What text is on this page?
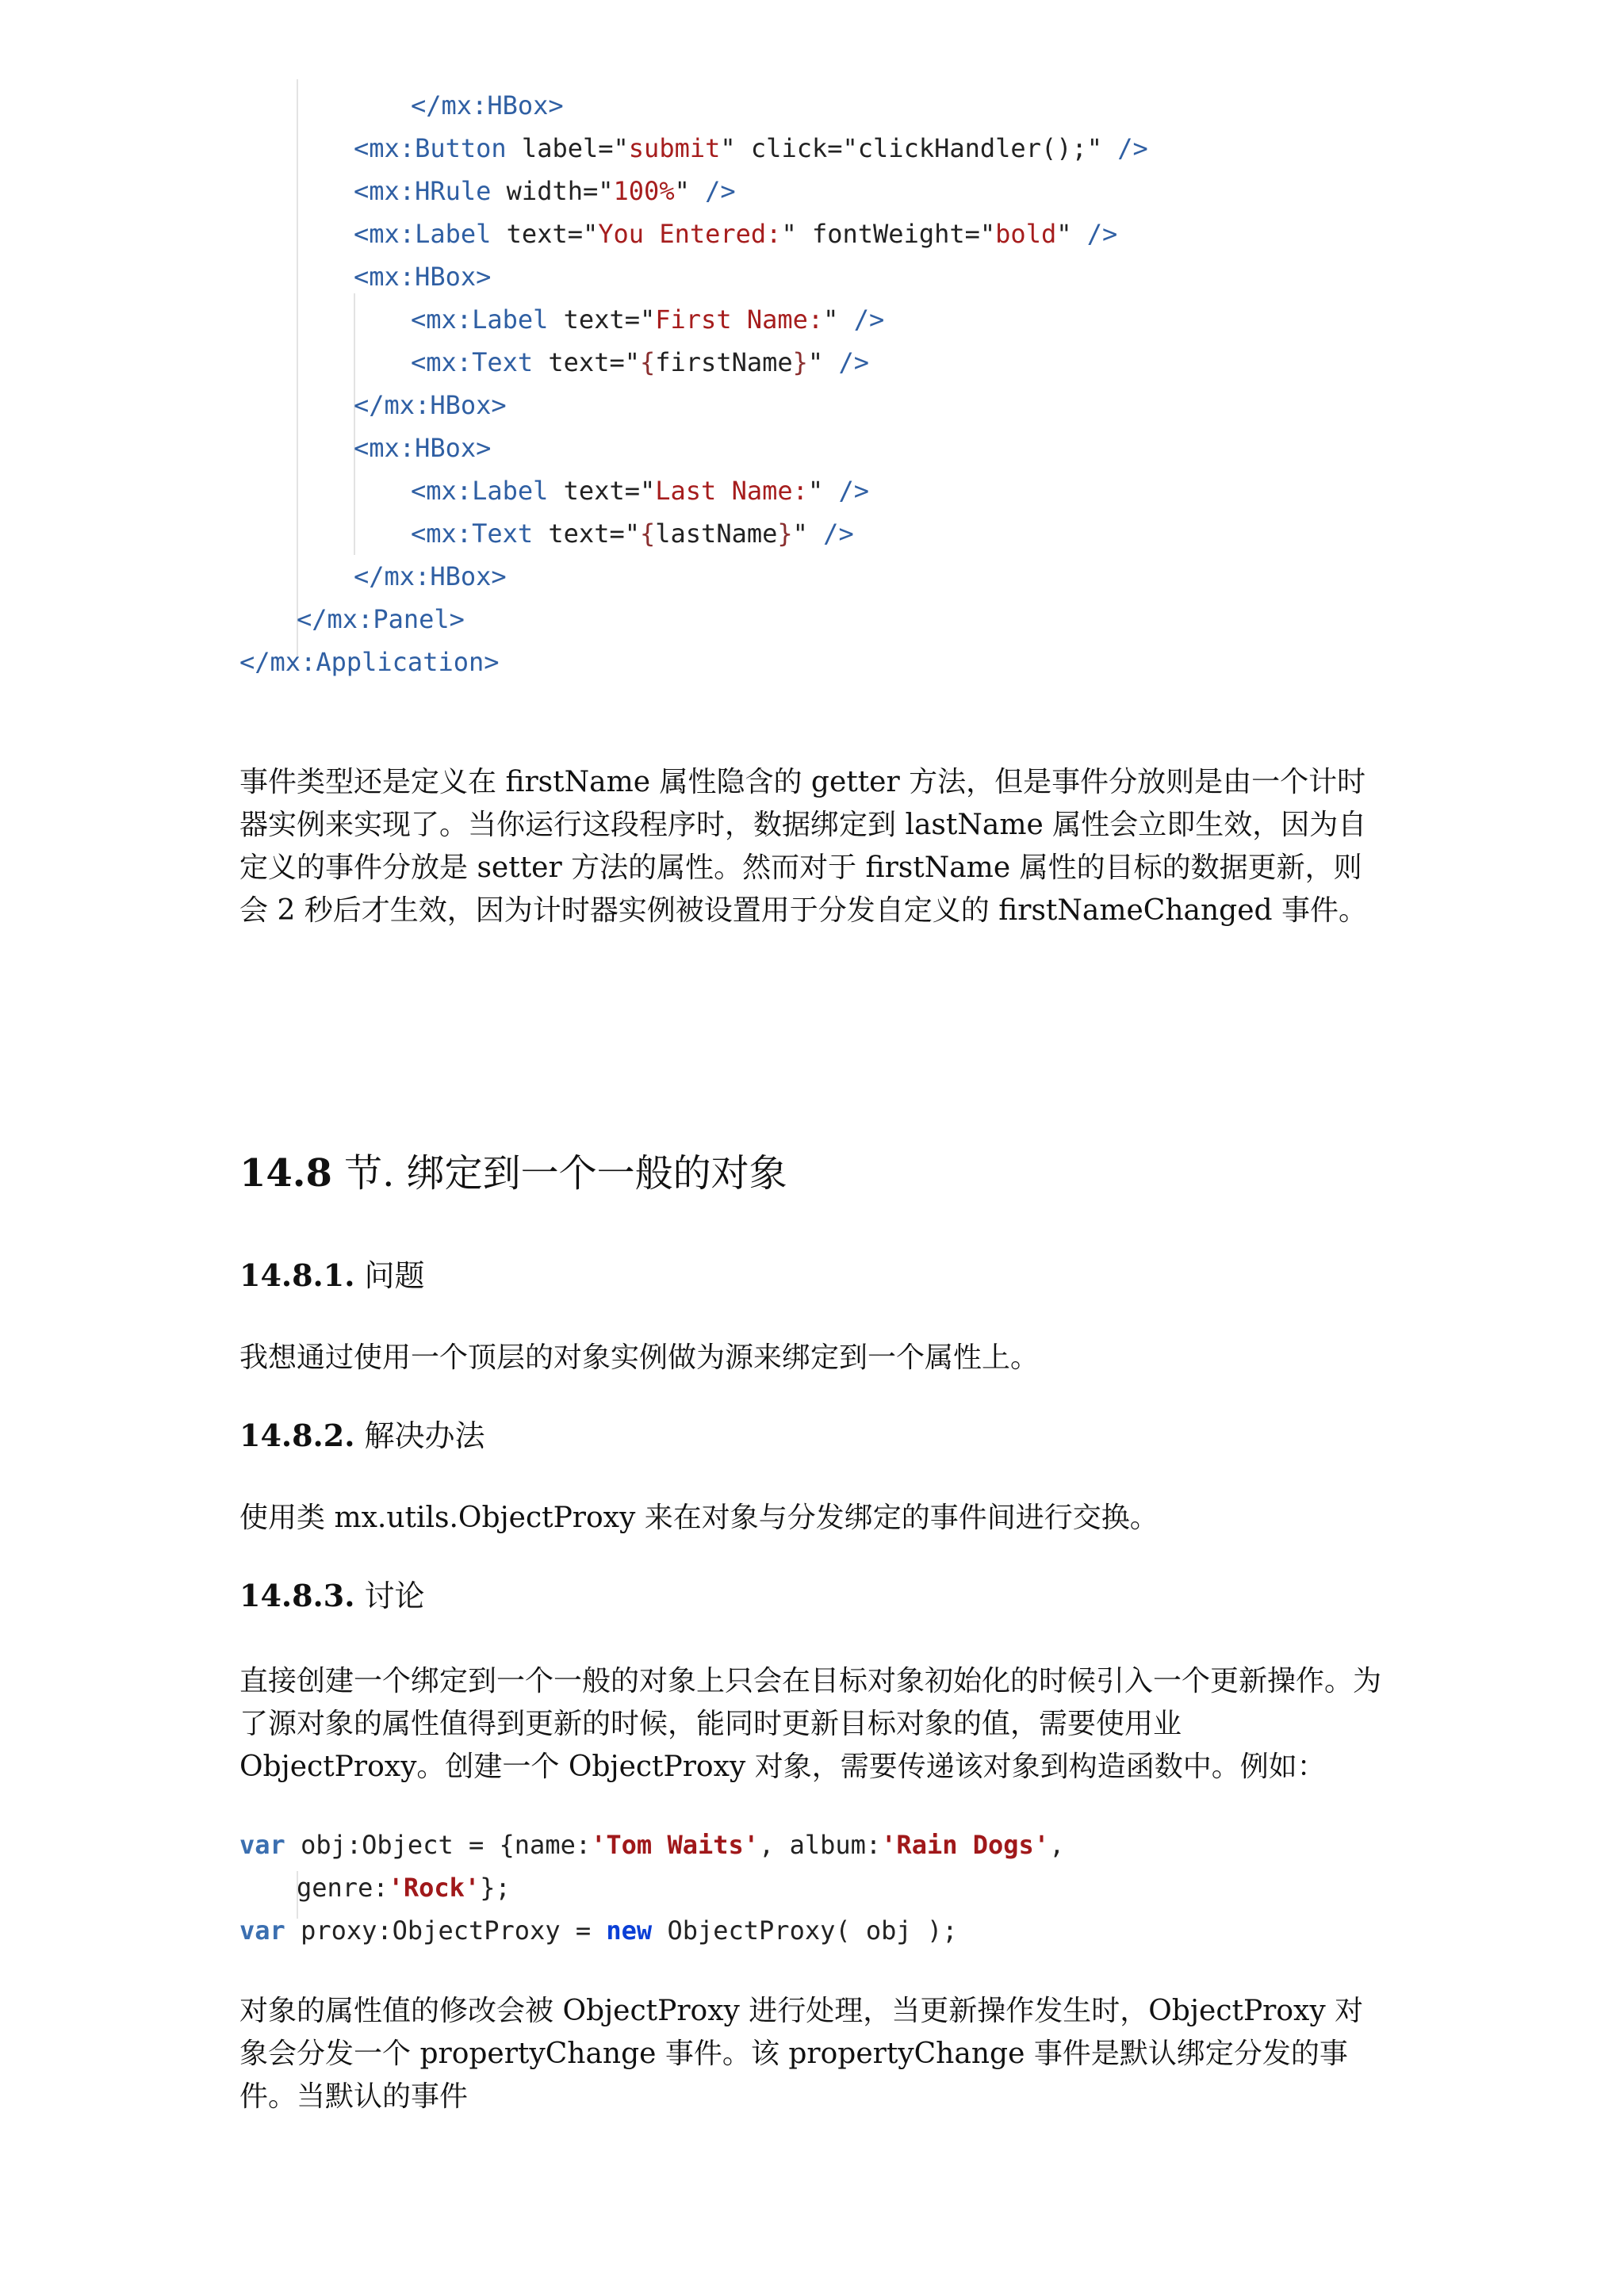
</mx:HBox>
<mx:Button label="submit" click="clickHandler();" />
<mx:HRule width="100%" />
<mx:Label text="You Entered:" fontWeight="bold" />
<mx:HBox>
<mx:Label text="First Name:" />
<mx:Text text="{firstName}" />
</mx:HBox>
<mx:HBox>
<mx:Label text="Last Name:" />
<mx:Text text="{lastName}" />
</mx:HBox>
</mx:Panel>
</mx:Application>
事件类型还是定义在 firstName 属性隐含的 getter 方法，但是事件分放则是由一个计时器实例来实现了。当你运行这段程序时，数据绑定到 lastName 属性会立即生效，因为自定义的事件分放是 setter 方法的属性。然而对于 firstName 属性的目标的数据更新，则会 2 秒后才生效，因为计时器实例被设置用于分发自定义的 firstNameChanged 事件。
14.8 节. 绑定到一个一般的对象
14.8.1. 问题
我想通过使用一个顶层的对象实例做为源来绑定到一个属性上。
14.8.2. 解决办法
使用类 mx.utils.ObjectProxy 来在对象与分发绑定的事件间进行交换。
14.8.3. 讨论
直接创建一个绑定到一个一般的对象上只会在目标对象初始化的时候引入一个更新操作。为了源对象的属性值得到更新的时候，能同时更新目标对象的值，需要使用业 ObjectProxy。创建一个 ObjectProxy 对象，需要传递该对象到构造函数中。例如：
var obj:Object = {name:'Tom Waits', album:'Rain Dogs',
genre:'Rock'};
var proxy:ObjectProxy = new ObjectProxy( obj );
对象的属性值的修改会被 ObjectProxy 进行处理，当更新操作发生时，ObjectProxy 对象会分发一个 propertyChange 事件。该 propertyChange 事件是默认绑定分发的事件。当默认的事件
